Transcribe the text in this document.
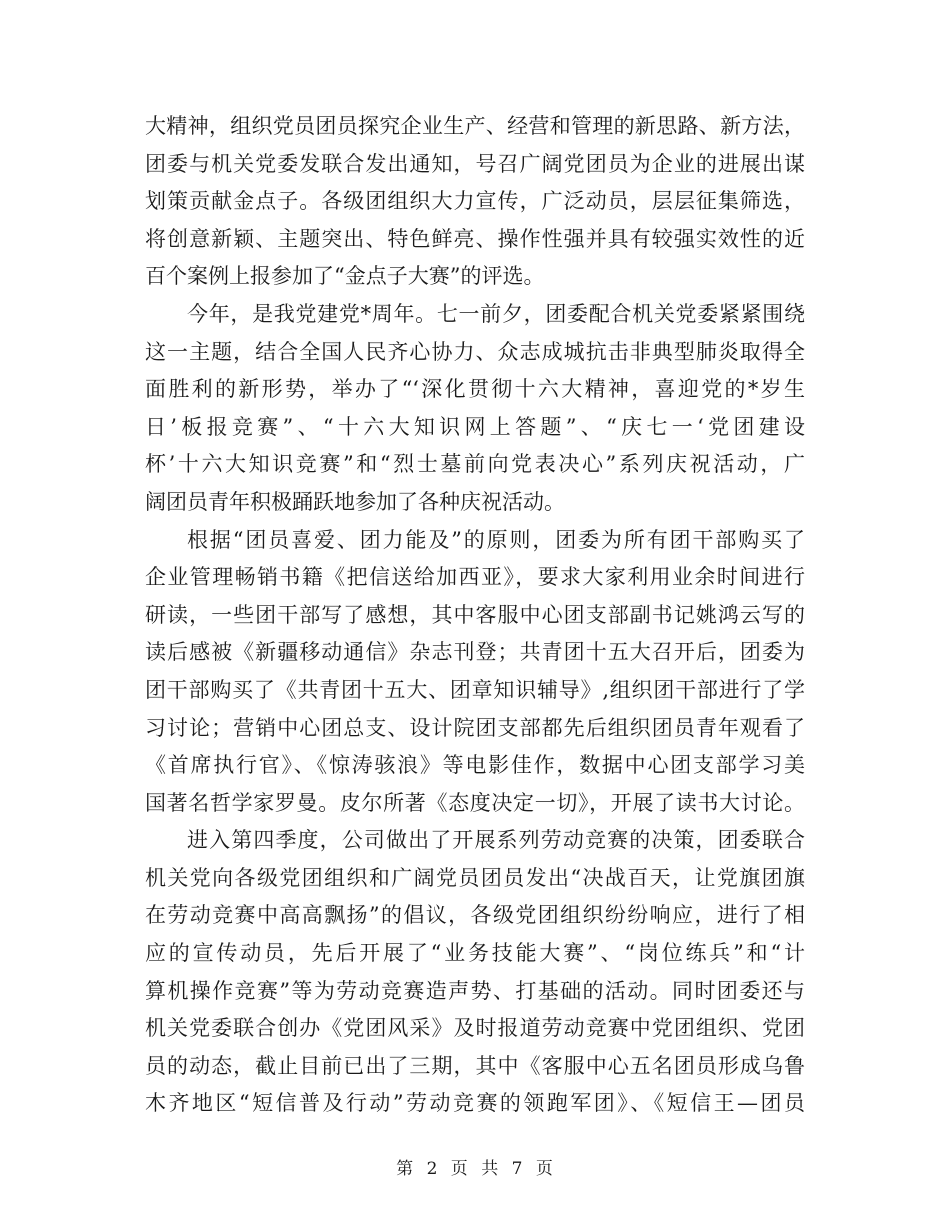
大精神，组织党员团员探究企业生产、经营和管理的新思路、新方法，
团委与机关党委发联合发出通知，号召广阔党团员为企业的进展出谋
划策贡献金点子。各级团组织大力宣传，广泛动员，层层征集筛选，
将创意新颖、主题突出、特色鲜亮、操作性强并具有较强实效性的近
百个案例上报参加了“金点子大赛”的评选。
今年，是我党建党*周年。七一前夕，团委配合机关党委紧紧围绕
这一主题，结合全国人民齐心协力、众志成城抗击非典型肺炎取得全
面胜利的新形势，举办了“‘深化贯彻十六大精神，喜迎党的*岁生
日’板报竞赛”、“十六大知识网上答题”、“庆七一‘党团建设
杯’十六大知识竞赛”和“烈士墓前向党表决心”系列庆祝活动，广
阔团员青年积极踊跃地参加了各种庆祝活动。
根据“团员喜爱、团力能及”的原则，团委为所有团干部购买了
企业管理畅销书籍《把信送给加西亚》，要求大家利用业余时间进行
研读，一些团干部写了感想，其中客服中心团支部副书记姚鸿云写的
读后感被《新疆移动通信》杂志刊登；共青团十五大召开后，团委为
团干部购买了《共青团十五大、团章知识辅导》,组织团干部进行了学
习讨论；营销中心团总支、设计院团支部都先后组织团员青年观看了
《首席执行官》、《惊涛骇浪》等电影佳作，数据中心团支部学习美
国著名哲学家罗曼。皮尔所著《态度决定一切》，开展了读书大讨论。
进入第四季度，公司做出了开展系列劳动竞赛的决策，团委联合
机关党向各级党团组织和广阔党员团员发出“决战百天，让党旗团旗
在劳动竞赛中高高飘扬”的倡议，各级党团组织纷纷响应，进行了相
应的宣传动员，先后开展了“业务技能大赛”、“岗位练兵”和“计
算机操作竞赛”等为劳动竞赛造声势、打基础的活动。同时团委还与
机关党委联合创办《党团风采》及时报道劳动竞赛中党团组织、党团
员的动态，截止目前已出了三期，其中《客服中心五名团员形成乌鲁
木齐地区“短信普及行动”劳动竞赛的领跑军团》、《短信王—团员
第 2 页 共 7 页
